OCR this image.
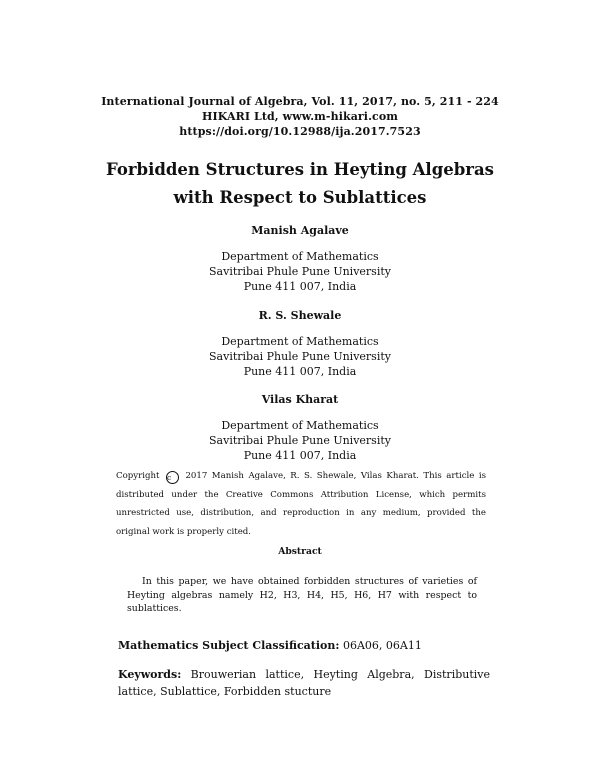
International Journal of Algebra, Vol. 11, 2017, no. 5, 211 - 224
HIKARI Ltd, www.m-hikari.com
https://doi.org/10.12988/ija.2017.7523
Forbidden Structures in Heyting Algebras
with Respect to Sublattices
Manish Agalave
Department of Mathematics
Savitribai Phule Pune University
Pune 411 007, India
R. S. Shewale
Department of Mathematics
Savitribai Phule Pune University
Pune 411 007, India
Vilas Kharat
Department of Mathematics
Savitribai Phule Pune University
Pune 411 007, India
Copyright c 2017 Manish Agalave, R. S. Shewale, Vilas Kharat. This article is distributed under the Creative Commons Attribution License, which permits unrestricted use, distribution, and reproduction in any medium, provided the original work is properly cited.
Abstract
In this paper, we have obtained forbidden structures of varieties of Heyting algebras namely H2, H3, H4, H5, H6, H7 with respect to sublattices.
Mathematics Subject Classification: 06A06, 06A11
Keywords: Brouwerian lattice, Heyting Algebra, Distributive lattice, Sublattice, Forbidden stucture
